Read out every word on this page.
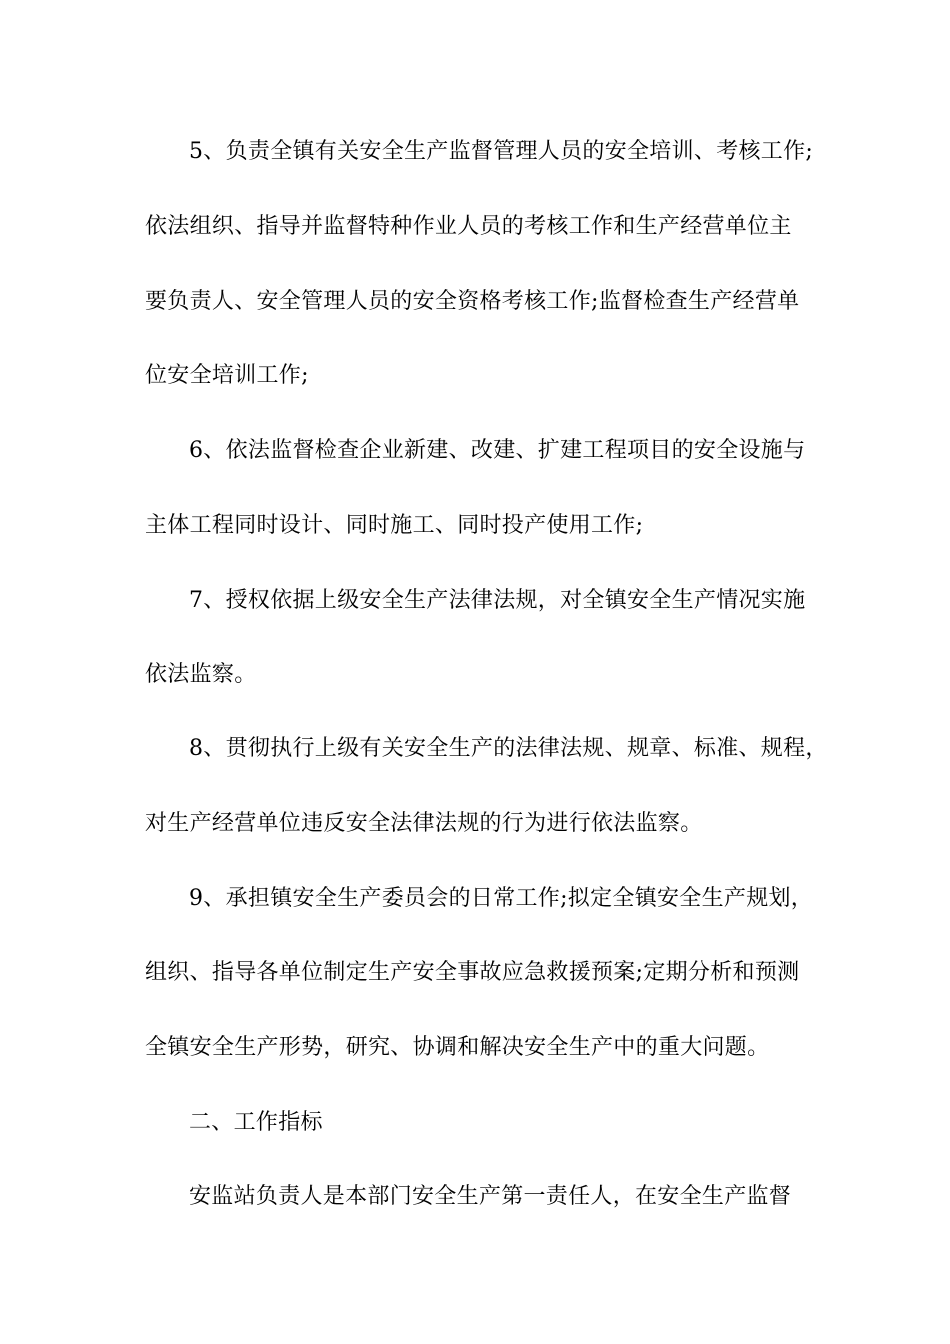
5、负责全镇有关安全生产监督管理人员的安全培训、考核工作;
依法组织、指导并监督特种作业人员的考核工作和生产经营单位主
要负责人、安全管理人员的安全资格考核工作;监督检查生产经营单
位安全培训工作;
6、依法监督检查企业新建、改建、扩建工程项目的安全设施与
主体工程同时设计、同时施工、同时投产使用工作;
7、授权依据上级安全生产法律法规，对全镇安全生产情况实施
依法监察。
8、贯彻执行上级有关安全生产的法律法规、规章、标准、规程，
对生产经营单位违反安全法律法规的行为进行依法监察。
9、承担镇安全生产委员会的日常工作;拟定全镇安全生产规划，
组织、指导各单位制定生产安全事故应急救援预案;定期分析和预测
全镇安全生产形势，研究、协调和解决安全生产中的重大问题。
二、工作指标
安监站负责人是本部门安全生产第一责任人，在安全生产监督
